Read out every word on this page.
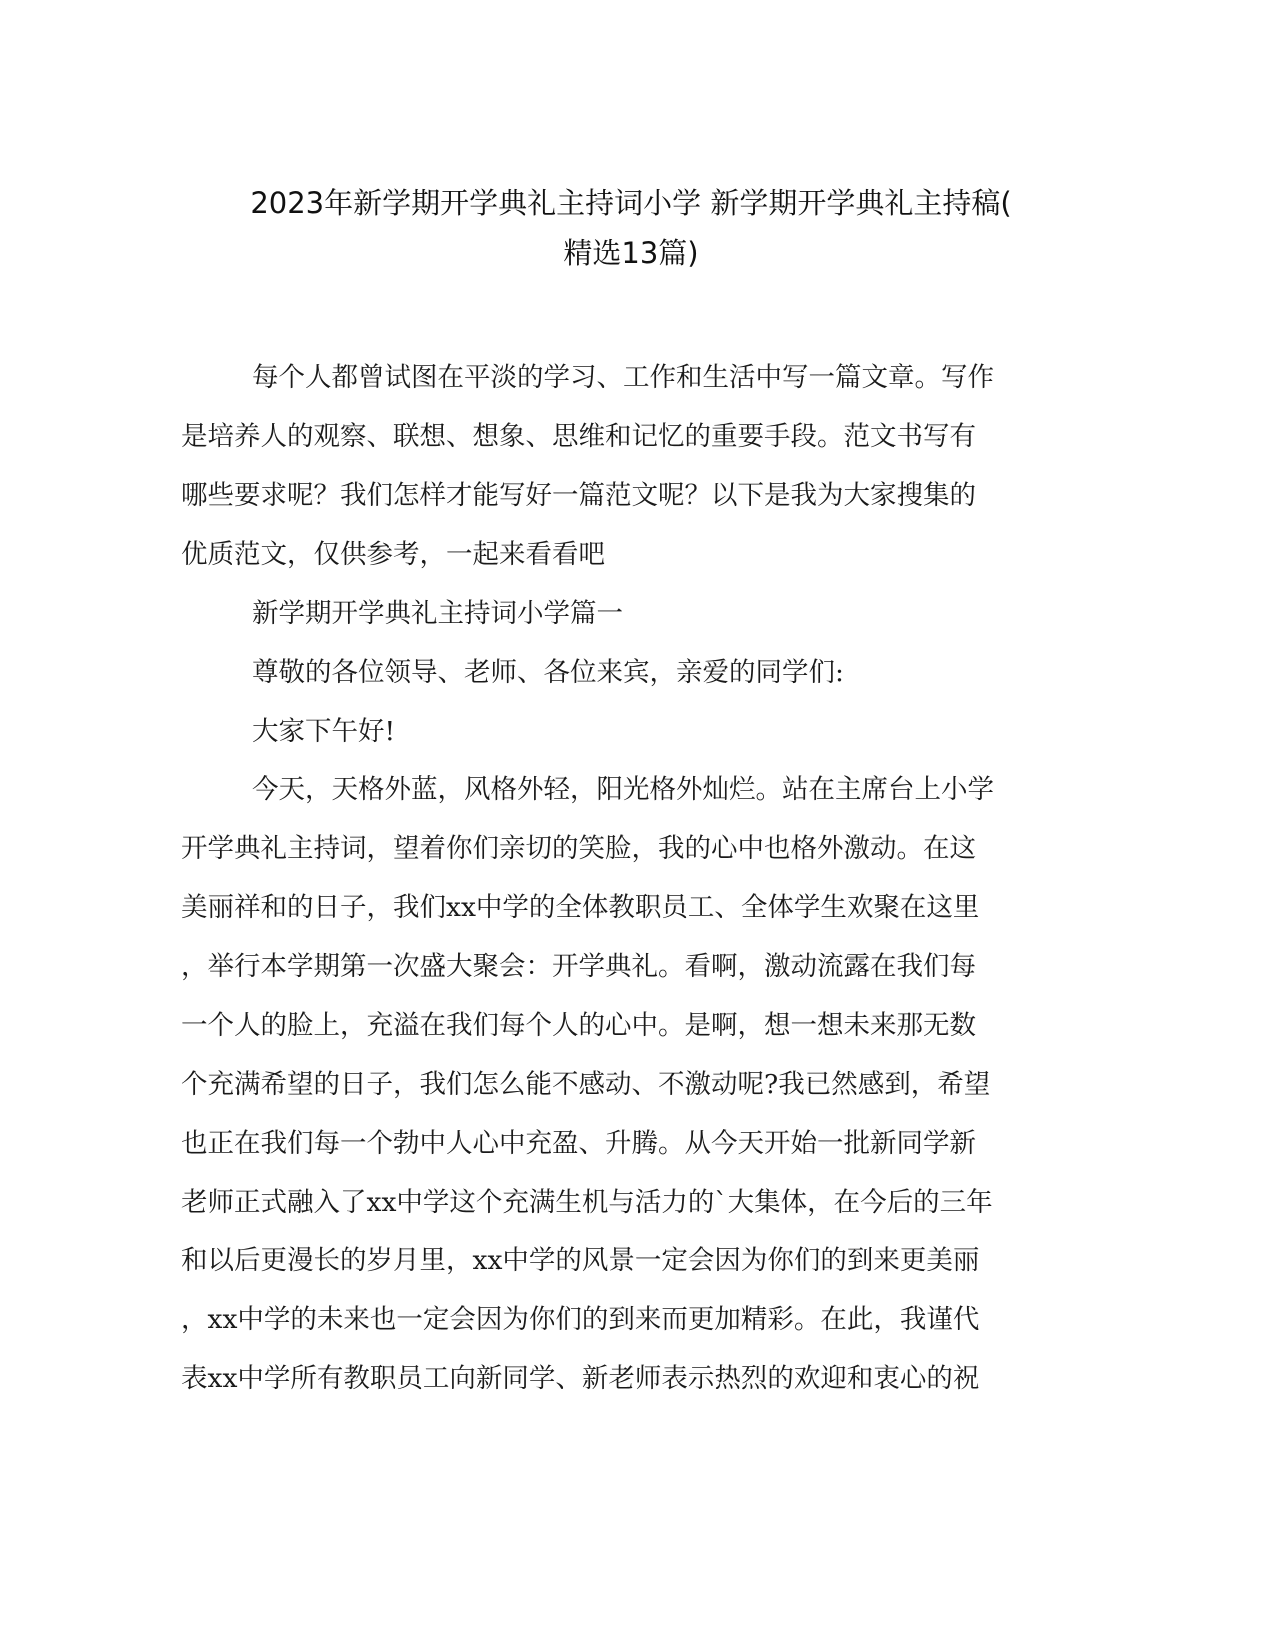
2023年新学期开学典礼主持词小学 新学期开学典礼主持稿(
精选13篇)
每个人都曾试图在平淡的学习、工作和生活中写一篇文章。写作
是培养人的观察、联想、想象、思维和记忆的重要手段。范文书写有
哪些要求呢？我们怎样才能写好一篇范文呢？以下是我为大家搜集的
优质范文，仅供参考，一起来看看吧
新学期开学典礼主持词小学篇一
尊敬的各位领导、老师、各位来宾，亲爱的同学们:
大家下午好!
今天，天格外蓝，风格外轻，阳光格外灿烂。站在主席台上小学
开学典礼主持词，望着你们亲切的笑脸，我的心中也格外激动。在这
美丽祥和的日子，我们xx中学的全体教职员工、全体学生欢聚在这里
，举行本学期第一次盛大聚会：开学典礼。看啊，激动流露在我们每
一个人的脸上，充溢在我们每个人的心中。是啊，想一想未来那无数
个充满希望的日子，我们怎么能不感动、不激动呢?我已然感到，希望
也正在我们每一个勃中人心中充盈、升腾。从今天开始一批新同学新
老师正式融入了xx中学这个充满生机与活力的`大集体，在今后的三年
和以后更漫长的岁月里，xx中学的风景一定会因为你们的到来更美丽
，xx中学的未来也一定会因为你们的到来而更加精彩。在此，我谨代
表xx中学所有教职员工向新同学、新老师表示热烈的欢迎和衷心的祝
